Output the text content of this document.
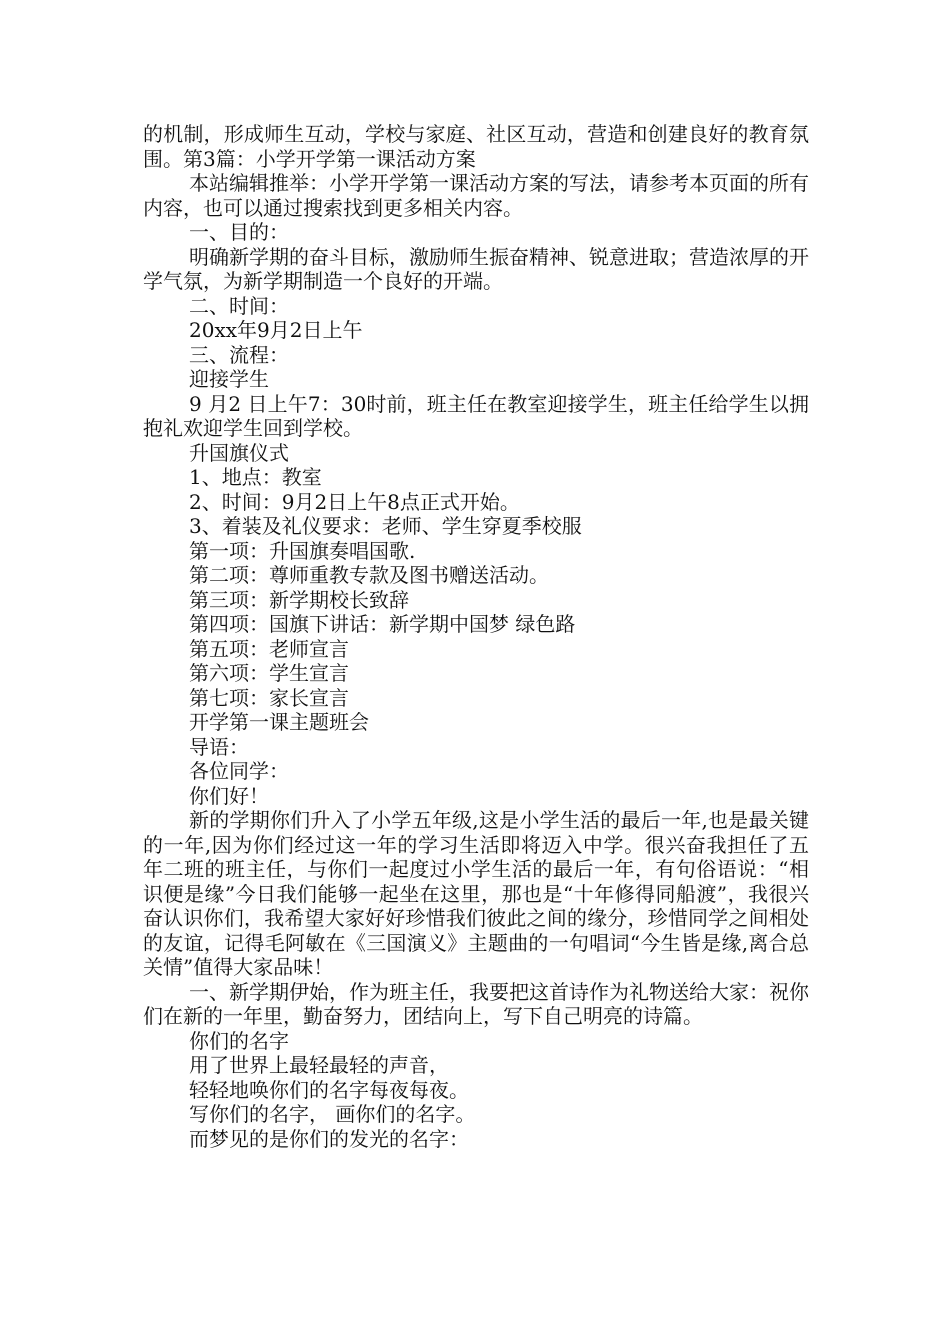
的机制，形成师生互动，学校与家庭、社区互动，营造和创建良好的教育氛围。第3篇：小学开学第一课活动方案

本站编辑推举：小学开学第一课活动方案的写法，请参考本页面的所有内容，也可以通过搜索找到更多相关内容。

一、目的：

明确新学期的奋斗目标，激励师生振奋精神、锐意进取；营造浓厚的开学气氛，为新学期制造一个良好的开端。

二、时间：

20xx年9月2日上午

三、流程：

迎接学生

9 月2 日上午7：30时前，班主任在教室迎接学生，班主任给学生以拥抱礼欢迎学生回到学校。

升国旗仪式

1、地点：教室

2、时间：9月2日上午8点正式开始。

3、着装及礼仪要求：老师、学生穿夏季校服

第一项：升国旗奏唱国歌.

第二项：尊师重教专款及图书赠送活动。

第三项：新学期校长致辞

第四项：国旗下讲话：新学期中国梦 绿色路

第五项：老师宣言

第六项：学生宣言

第七项：家长宣言

开学第一课主题班会

导语：

各位同学：

你们好！

新的学期你们升入了小学五年级,这是小学生活的最后一年,也是最关键的一年,因为你们经过这一年的学习生活即将迈入中学。很兴奋我担任了五年二班的班主任，与你们一起度过小学生活的最后一年，有句俗语说：“相识便是缘”今日我们能够一起坐在这里，那也是“十年修得同船渡”，我很兴奋认识你们，我希望大家好好珍惜我们彼此之间的缘分，珍惜同学之间相处的友谊，记得毛阿敏在《三国演义》主题曲的一句唱词“今生皆是缘,离合总关情”值得大家品味！

一、新学期伊始，作为班主任，我要把这首诗作为礼物送给大家：祝你们在新的一年里，勤奋努力，团结向上，写下自己明亮的诗篇。

你们的名字

用了世界上最轻最轻的声音，

轻轻地唤你们的名字每夜每夜。

写你们的名字， 画你们的名字。

而梦见的是你们的发光的名字：
